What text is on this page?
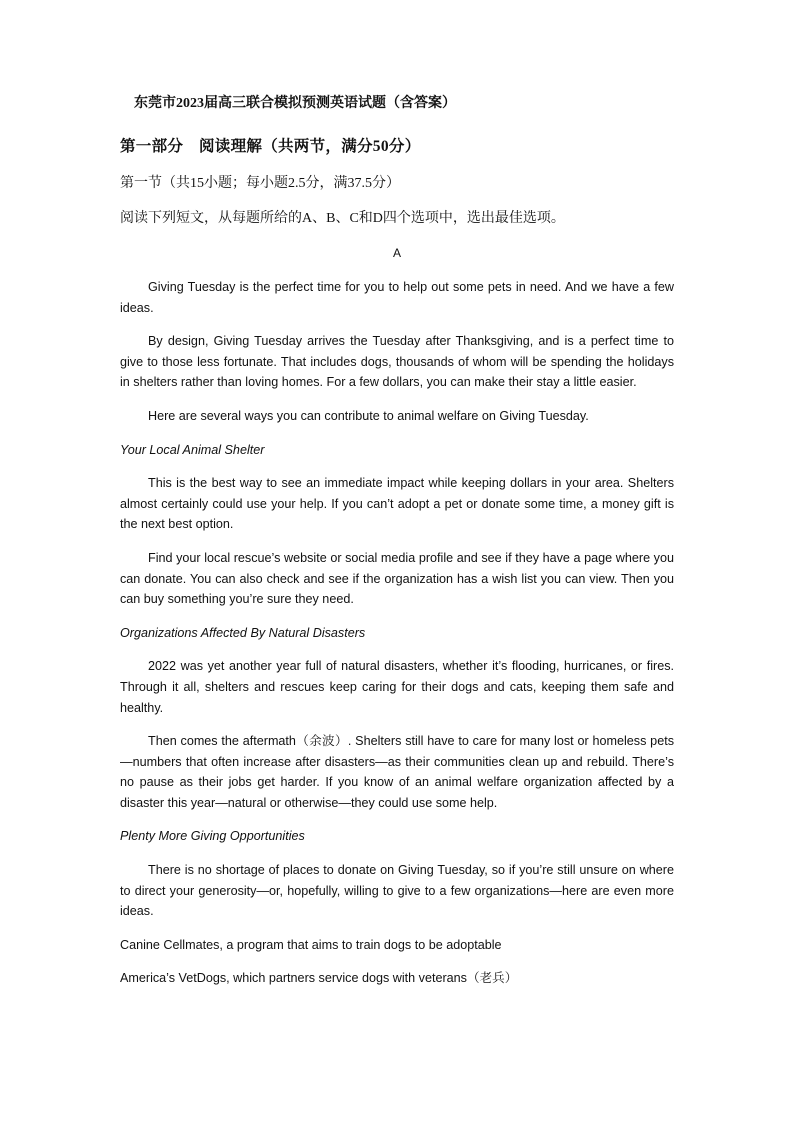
东莞市2023届高三联合模拟预测英语试题（含答案）
第一部分　阅读理解（共两节，满分50分）
第一节（共15小题；每小题2.5分，满37.5分）
阅读下列短文，从每题所给的A、B、C和D四个选项中，选出最佳选项。
A

Giving Tuesday is the perfect time for you to help out some pets in need. And we have a few ideas.

By design, Giving Tuesday arrives the Tuesday after Thanksgiving, and is a perfect time to give to those less fortunate. That includes dogs, thousands of whom will be spending the holidays in shelters rather than loving homes. For a few dollars, you can make their stay a little easier.

Here are several ways you can contribute to animal welfare on Giving Tuesday.

Your Local Animal Shelter

This is the best way to see an immediate impact while keeping dollars in your area. Shelters almost certainly could use your help. If you can’t adopt a pet or donate some time, a money gift is the next best option.

Find your local rescue’s website or social media profile and see if they have a page where you can donate. You can also check and see if the organization has a wish list you can view. Then you can buy something you’re sure they need.

Organizations Affected By Natural Disasters

2022 was yet another year full of natural disasters, whether it’s flooding, hurricanes, or fires. Through it all, shelters and rescues keep caring for their dogs and cats, keeping them safe and healthy.

Then comes the aftermath（余波）. Shelters still have to care for many lost or homeless pets—numbers that often increase after disasters—as their communities clean up and rebuild. There’s no pause as their jobs get harder. If you know of an animal welfare organization affected by a disaster this year—natural or otherwise—they could use some help.

Plenty More Giving Opportunities

There is no shortage of places to donate on Giving Tuesday, so if you’re still unsure on where to direct your generosity—or, hopefully, willing to give to a few organizations—here are even more ideas.

Canine Cellmates, a program that aims to train dogs to be adoptable

America’s VetDogs, which partners service dogs with veterans（老兵）
